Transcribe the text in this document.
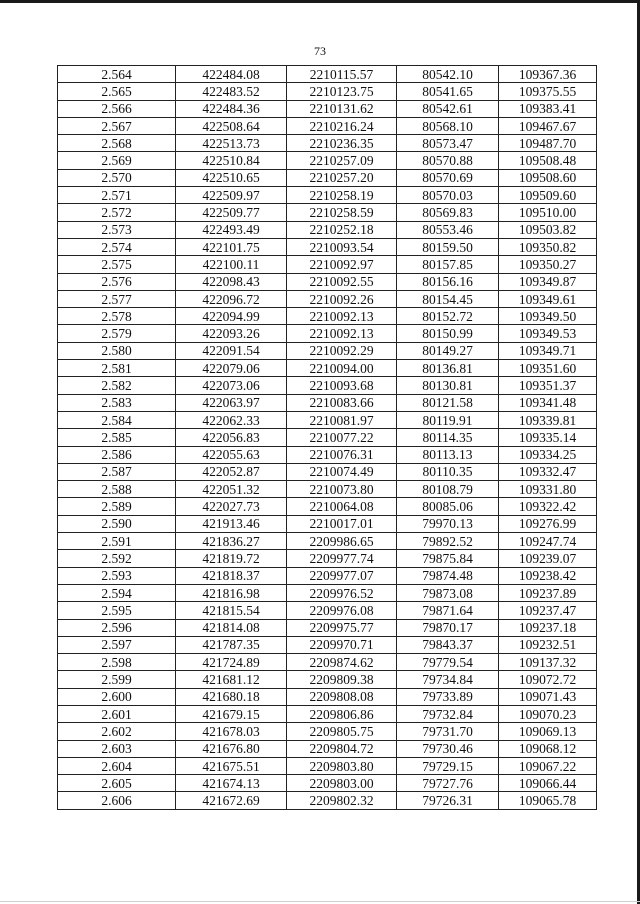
73
2.564	422484.08	2210115.57	80542.10	109367.36
2.565	422483.52	2210123.75	80541.65	109375.55
2.566	422484.36	2210131.62	80542.61	109383.41
2.567	422508.64	2210216.24	80568.10	109467.67
2.568	422513.73	2210236.35	80573.47	109487.70
2.569	422510.84	2210257.09	80570.88	109508.48
2.570	422510.65	2210257.20	80570.69	109508.60
2.571	422509.97	2210258.19	80570.03	109509.60
2.572	422509.77	2210258.59	80569.83	109510.00
2.573	422493.49	2210252.18	80553.46	109503.82
2.574	422101.75	2210093.54	80159.50	109350.82
2.575	422100.11	2210092.97	80157.85	109350.27
2.576	422098.43	2210092.55	80156.16	109349.87
2.577	422096.72	2210092.26	80154.45	109349.61
2.578	422094.99	2210092.13	80152.72	109349.50
2.579	422093.26	2210092.13	80150.99	109349.53
2.580	422091.54	2210092.29	80149.27	109349.71
2.581	422079.06	2210094.00	80136.81	109351.60
2.582	422073.06	2210093.68	80130.81	109351.37
2.583	422063.97	2210083.66	80121.58	109341.48
2.584	422062.33	2210081.97	80119.91	109339.81
2.585	422056.83	2210077.22	80114.35	109335.14
2.586	422055.63	2210076.31	80113.13	109334.25
2.587	422052.87	2210074.49	80110.35	109332.47
2.588	422051.32	2210073.80	80108.79	109331.80
2.589	422027.73	2210064.08	80085.06	109322.42
2.590	421913.46	2210017.01	79970.13	109276.99
2.591	421836.27	2209986.65	79892.52	109247.74
2.592	421819.72	2209977.74	79875.84	109239.07
2.593	421818.37	2209977.07	79874.48	109238.42
2.594	421816.98	2209976.52	79873.08	109237.89
2.595	421815.54	2209976.08	79871.64	109237.47
2.596	421814.08	2209975.77	79870.17	109237.18
2.597	421787.35	2209970.71	79843.37	109232.51
2.598	421724.89	2209874.62	79779.54	109137.32
2.599	421681.12	2209809.38	79734.84	109072.72
2.600	421680.18	2209808.08	79733.89	109071.43
2.601	421679.15	2209806.86	79732.84	109070.23
2.602	421678.03	2209805.75	79731.70	109069.13
2.603	421676.80	2209804.72	79730.46	109068.12
2.604	421675.51	2209803.80	79729.15	109067.22
2.605	421674.13	2209803.00	79727.76	109066.44
2.606	421672.69	2209802.32	79726.31	109065.78
